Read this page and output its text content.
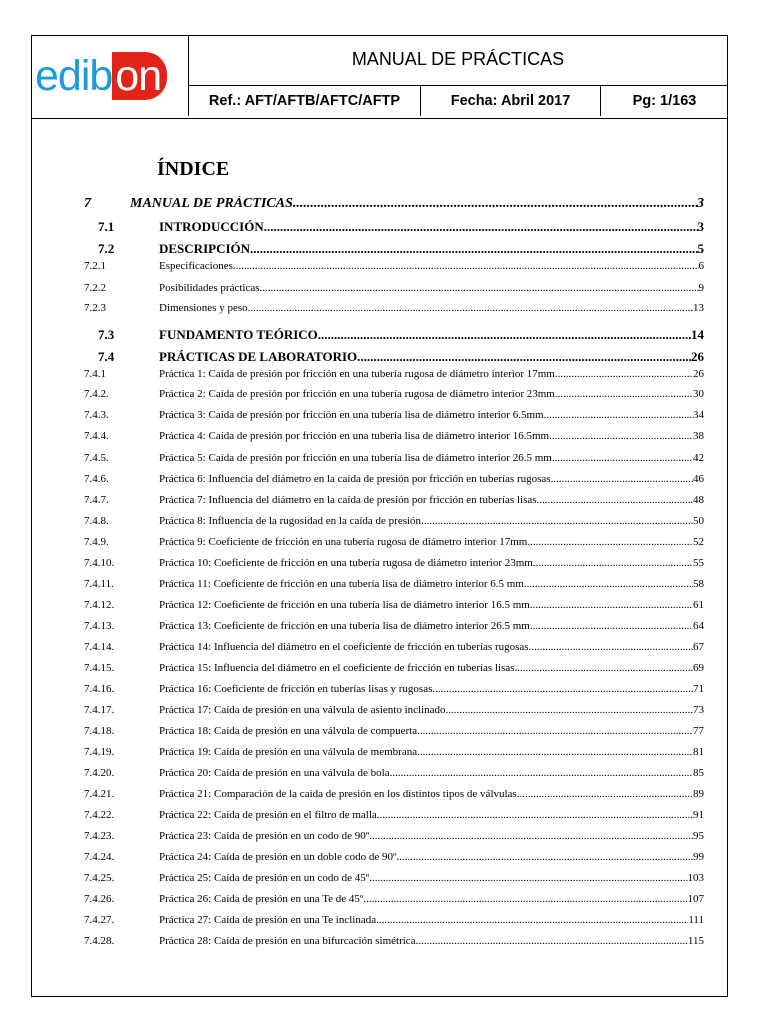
edibon	MANUAL DE PRÁCTICAS
Ref.: AFT/AFTB/AFTC/AFTP	Fecha: Abril 2017	Pg: 1/163
ÍNDICE
7	MANUAL DE PRÁCTICAS .....	3
7.1	INTRODUCCIÓN .....	3
7.2	DESCRIPCIÓN .....	5
7.2.1	Especificaciones .....	6
7.2.2	Posibilidades prácticas .....	9
7.2.3	Dimensiones y peso .....	13
7.3	FUNDAMENTO TEÓRICO .....	14
7.4	PRÁCTICAS DE LABORATORIO .....	26
7.4.1	Práctica 1: Caída de presión por fricción en una tubería rugosa de diámetro interior 17mm .....	26
7.4.2.	Práctica 2: Caída de presión por fricción en una tubería rugosa de diámetro interior 23mm .....	30
7.4.3.	Práctica 3: Caída de presión por fricción en una tubería lisa de diámetro interior 6.5mm .....	34
7.4.4.	Práctica 4: Caída de presión por fricción en una tubería lisa de diámetro interior 16.5mm .....	38
7.4.5.	Práctica 5: Caída de presión por fricción en una tubería lisa de diámetro interior 26.5 mm .....	42
7.4.6.	Práctica 6: Influencia del diámetro en la caída de presión por fricción en tuberías rugosas .....	46
7.4.7.	Práctica 7: Influencia del diámetro en la caída de presión por fricción en tuberías lisas .....	48
7.4.8.	Práctica 8: Influencia de la rugosidad en la caída de presión .....	50
7.4.9.	Práctica 9: Coeficiente de fricción en una tubería rugosa de diámetro interior 17mm .....	52
7.4.10.	Práctica 10: Coeficiente de fricción en una tubería rugosa de diámetro interior 23mm .....	55
7.4.11.	Práctica 11: Coeficiente de fricción en una tubería lisa de diámetro interior 6.5 mm .....	58
7.4.12.	Práctica 12: Coeficiente de fricción en una tubería lisa de diámetro interior 16.5 mm .....	61
7.4.13.	Práctica 13: Coeficiente de fricción en una tubería lisa de diámetro interior 26.5 mm .....	64
7.4.14.	Práctica 14: Influencia del diámetro en el coeficiente de fricción en tuberías rugosas .....	67
7.4.15.	Práctica 15: Influencia del diámetro en el coeficiente de fricción en tuberías lisas .....	69
7.4.16.	Práctica 16: Coeficiente de fricción en tuberías lisas y rugosas .....	71
7.4.17.	Práctica 17: Caída de presión en una válvula de asiento inclinado .....	73
7.4.18.	Práctica 18: Caída de presión en una válvula de compuerta .....	77
7.4.19.	Práctica 19: Caída de presión en una válvula de membrana .....	81
7.4.20.	Práctica 20: Caída de presión en una válvula de bola .....	85
7.4.21.	Práctica 21: Comparación de la caída de presión en los distintos tipos de válvulas .....	89
7.4.22.	Práctica 22: Caída de presión en el filtro de malla .....	91
7.4.23.	Práctica 23: Caída de presión en un codo de 90º .....	95
7.4.24.	Práctica 24: Caída de presión en un doble codo de 90º .....	99
7.4.25.	Práctica 25: Caída de presión en un codo de 45º .....	103
7.4.26.	Práctica 26: Caída de presión en una Te de 45º .....	107
7.4.27.	Práctica 27: Caída de presión en una Te inclinada .....	111
7.4.28.	Práctica 28: Caída de presión en una bifurcación simétrica .....	115
